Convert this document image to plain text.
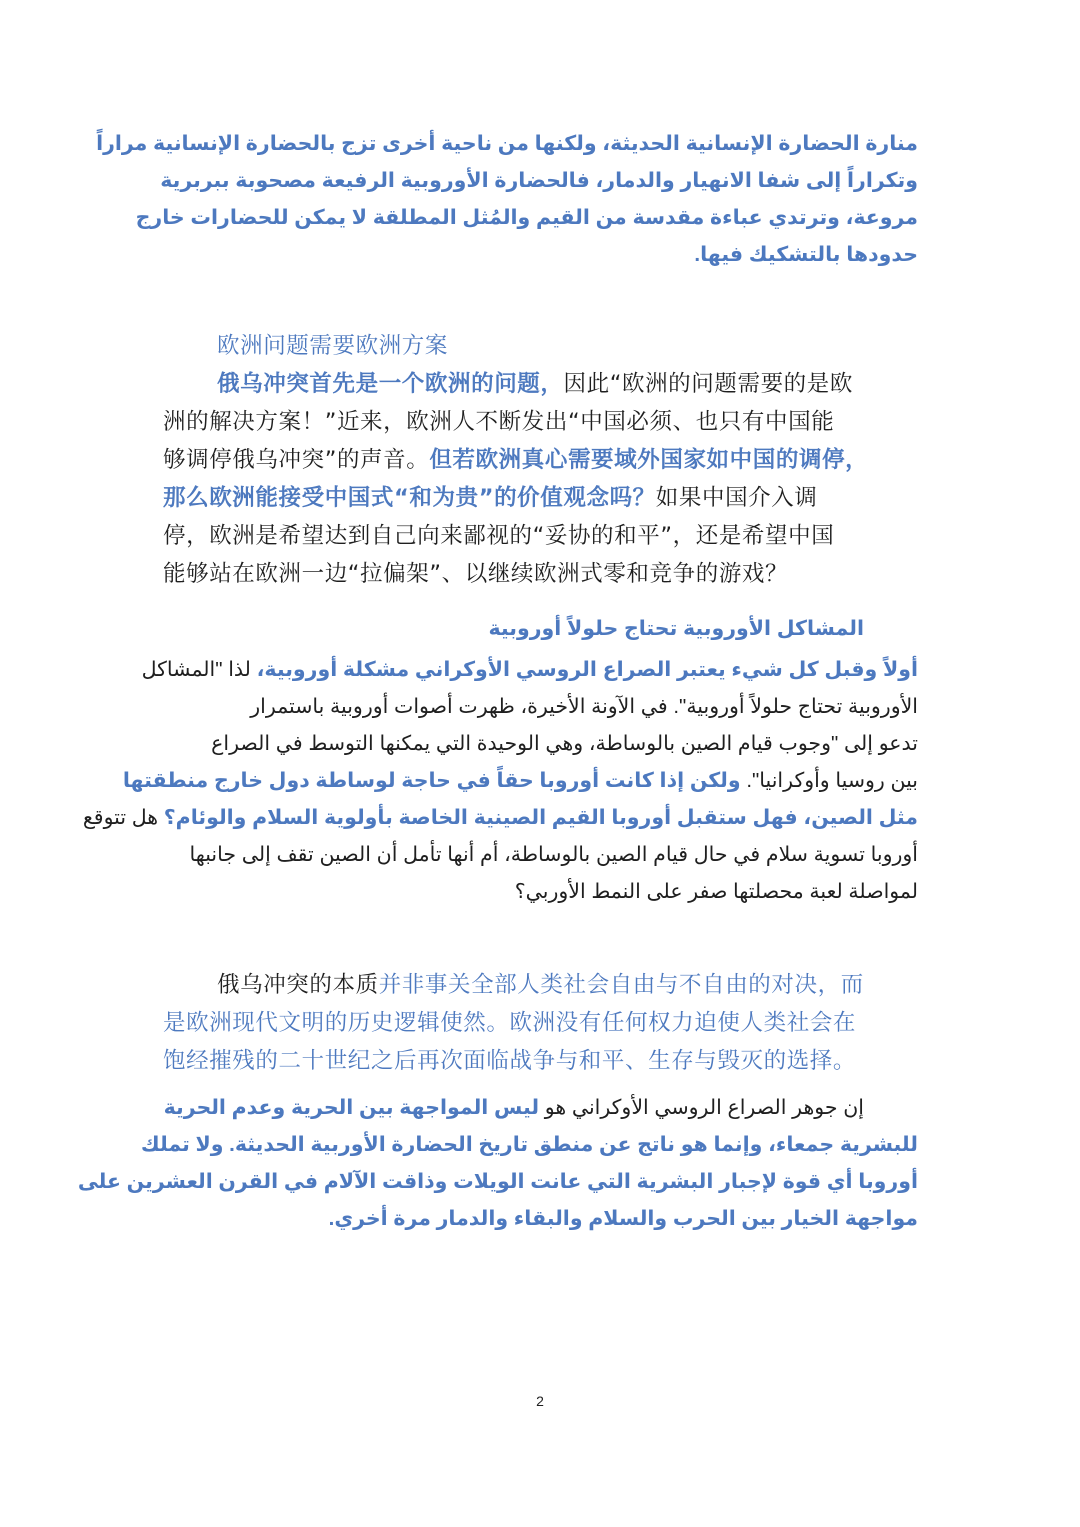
منارة الحضارة الإنسانية الحديثة، ولكنها من ناحية أخرى تزج بالحضارة الإنسانية مراراً
وتكراراً إلى شفا الانهيار والدمار، فالحضارة الأوروبية الرفيعة مصحوبة ببربرية
مروعة، وترتدي عباءة مقدسة من القيم والمُثل المطلقة لا يمكن للحضارات خارج
حدودها بالتشكيك فيها.
欧洲问题需要欧洲方案
俄乌冲突首先是一个欧洲的问题，因此“欧洲的问题需要的是欧
洲的解决方案！”近来，欧洲人不断发出“中国必须、也只有中国能
够调停俄乌冲突”的声音。但若欧洲真心需要域外国家如中国的调停，
那么欧洲能接受中国式“和为贵”的价值观念吗？如果中国介入调
停，欧洲是希望达到自己向来鄙视的“妥协的和平”，还是希望中国
能够站在欧洲一边“拉偏架”、以继续欧洲式零和竞争的游戏？
المشاكل الأوروبية تحتاج حلولاً أوروبية
أولاً وقبل كل شيء يعتبر الصراع الروسي الأوكراني مشكلة أوروبية، لذا "المشاكل
الأوروبية تحتاج حلولاً أوروبية". في الآونة الأخيرة، ظهرت أصوات أوروبية باستمرار
تدعو إلى "وجوب قيام الصين بالوساطة، وهي الوحيدة التي يمكنها التوسط في الصراع
بين روسيا وأوكرانيا". ولكن إذا كانت أوروبا حقاً في حاجة لوساطة دول خارج منطقتها
مثل الصين، فهل ستقبل أوروبا القيم الصينية الخاصة بأولوية السلام والوئام؟ هل تتوقع
أوروبا تسوية سلام في حال قيام الصين بالوساطة، أم أنها تأمل أن الصين تقف إلى جانبها
لمواصلة لعبة محصلتها صفر على النمط الأوربي؟
俄乌冲突的本质并非事关全部人类社会自由与不自由的对决，而
是欧洲现代文明的历史逻辑使然。欧洲没有任何权力迫使人类社会在
饱经摧残的二十世纪之后再次面临战争与和平、生存与毁灭的选择。
إن جوهر الصراع الروسي الأوكراني هو ليس المواجهة بين الحرية وعدم الحرية
للبشرية جمعاء، وإنما هو ناتج عن منطق تاريخ الحضارة الأوربية الحديثة. ولا تملك
أوروبا أي قوة لإجبار البشرية التي عانت الويلات وذاقت الآلام في القرن العشرين على
مواجهة الخيار بين الحرب والسلام والبقاء والدمار مرة أخري.
2
